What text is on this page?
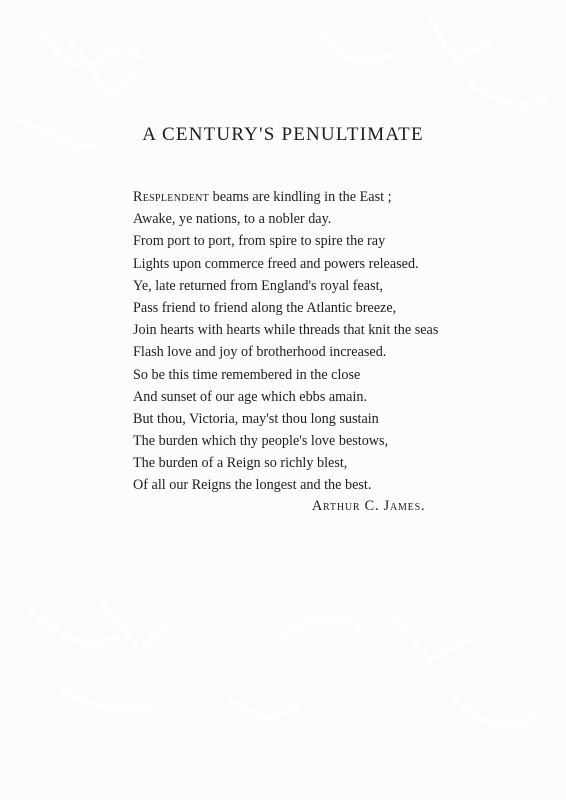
A CENTURY'S PENULTIMATE
Resplendent beams are kindling in the East ;
Awake, ye nations, to a nobler day.
From port to port, from spire to spire the ray
Lights upon commerce freed and powers released.
Ye, late returned from England's royal feast,
Pass friend to friend along the Atlantic breeze,
Join hearts with hearts while threads that knit the seas
Flash love and joy of brotherhood increased.
So be this time remembered in the close
And sunset of our age which ebbs amain.
But thou, Victoria, may'st thou long sustain
The burden which thy people's love bestows,
The burden of a Reign so richly blest,
Of all our Reigns the longest and the best.
Arthur C. James.
